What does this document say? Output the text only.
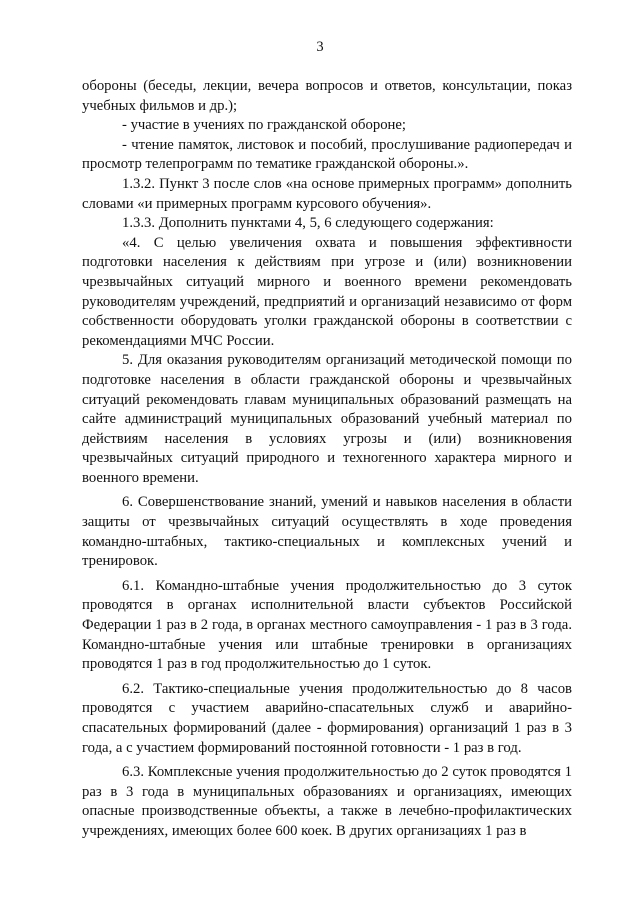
3

обороны (беседы, лекции, вечера вопросов и ответов, консультации, показ учебных фильмов и др.);

- участие в учениях по гражданской обороне;

- чтение памяток, листовок и пособий, прослушивание радиопередач и просмотр телепрограмм по тематике гражданской обороны.».

1.3.2. Пункт 3 после слов «на основе примерных программ» дополнить словами «и примерных программ курсового обучения».

1.3.3. Дополнить пунктами 4, 5, 6 следующего содержания:

«4. С целью увеличения охвата и повышения эффективности подготовки населения к действиям при угрозе и (или) возникновении чрезвычайных ситуаций мирного и военного времени рекомендовать руководителям учреждений, предприятий и организаций независимо от форм собственности оборудовать уголки гражданской обороны в соответствии с рекомендациями МЧС России.

5. Для оказания руководителям организаций методической помощи по подготовке населения в области гражданской обороны и чрезвычайных ситуаций рекомендовать главам муниципальных образований размещать на сайте администраций муниципальных образований учебный материал по действиям населения в условиях угрозы и (или) возникновения чрезвычайных ситуаций природного и техногенного характера мирного и военного времени.

6. Совершенствование знаний, умений и навыков населения в области защиты от чрезвычайных ситуаций осуществлять в ходе проведения командно-штабных, тактико-специальных и комплексных учений и тренировок.

6.1. Командно-штабные учения продолжительностью до 3 суток проводятся в органах исполнительной власти субъектов Российской Федерации 1 раз в 2 года, в органах местного самоуправления - 1 раз в 3 года. Командно-штабные учения или штабные тренировки в организациях проводятся 1 раз в год продолжительностью до 1 суток.

6.2. Тактико-специальные учения продолжительностью до 8 часов проводятся с участием аварийно-спасательных служб и аварийно-спасательных формирований (далее - формирования) организаций 1 раз в 3 года, а с участием формирований постоянной готовности - 1 раз в год.

6.3. Комплексные учения продолжительностью до 2 суток проводятся 1 раз в 3 года в муниципальных образованиях и организациях, имеющих опасные производственные объекты, а также в лечебно-профилактических учреждениях, имеющих более 600 коек. В других организациях 1 раз в
